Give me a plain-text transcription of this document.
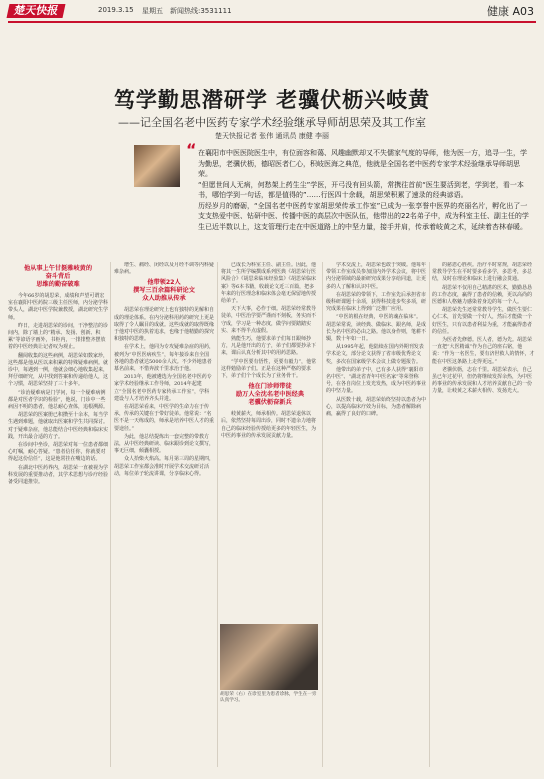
楚天快报	2019.3.15 星期五 新闻热线:3531111	健康 A03
笃学勤思潜研学 老骥伏枥兴岐黄
——记全国名老中医药专家学术经验继承导师胡思荣及其工作室
楚天快报记者 张伟 通讯员 康健 李丽
“ 在襄阳市中医医院医生中，有位面容和蔼、风趣幽默却又不失儒家气度的导师，他为医一方，追寻一生，学为勤思，老骥伏枥，德昭医者仁心，积岐医海之典范，他就是全国名老中医药专家学术经验继承导师胡思荣。

“但愿世间人无病，何愁架上药生尘”学医，开弓没有回头箭，常携往首前“医生要活到老，学到老，看一本书，哪怕学到一句话，都是值得的”……行医四十余载，胡思荣积累了速录的经典谚语。

历经岁月的磨砺，“全国名老中医药专家胡思荣传承工作室”已成为一张享誉中医界的亮丽名片，孵化出了一支支热爱中医、钻研中医、传播中医的高层次中医队伍，他带出的22名弟子中，成为科室主任、副主任的学生已近半数以上，这支管理行走在中医道路上的中坚力量，接手并肩，传承着岐黄之术，延续着杏林春暖。

他从事上午甘挺雅岐黄的
奋斗背后
思维的勤奋破难

今年66岁的胡思荣，成绩和声望可谓宏室在襄阳中医药院三级主任医师，内分泌学科带头人，湖北中医学院兼教授，湖北研究生学师。

昨日，走进胡思荣的诊间，干净整洁的诊间内，除了墙上的“精承、发扬、创新、积累”等谚语字画外，书柜内，一排排整齐摆放着的中医经典让记者叹为观止。

翻阅收集的这些病例，胡思荣如数家珍，这些都是他从医以来积累的特殊疑难病例。就诊中，每遇到一例，他就会细心地收集起来，拜仔细研究，从中找到答案和传递给他人，这个习惯，胡思荣坚持了三十多年。

“诊治疑难病是门学问，每一个疑难病例都是对医者学识的检验”，他说，门诊中一些病因不明的患者，他总耐心查体，追根溯源。

胡思荣的医案册已积攒至十余本，每当学生遇到难题，他就取出医案和学生共同探讨。对于疑难杂症，他总能结合中医经典和临床实践，开出最合适的方子。

在诊间中坐诊，胡思荣对每一位患者都细心叮嘱，耐心答疑。“患者信任你，你就要对得起这份信任”，这是他常挂在嘴边的话。

在湖北中医药界内，胡思荣一直被视为学科发展的重要推动者，其学术思想与诊疗经验备受同道推崇。

增生、痛经、闭经以及月经不调等内科疑难杂病。

他带领22人
撰写三百余篇科研论文
众人助推从传承

胡思荣在理论研究上也有独特的见解和自成的理论体系。在内分泌科用药的研究上更是取得了令人瞩目的成就。这些成就的取得既缘于他对中医的执着追求，也缘于他精勤的探究和独特的思维。

在学术上，他同为专攻疑难杂症的用药，被列为“中医医病疾生”，每年接诊来自全国各地的患者就达5000余人次。不少外地患者慕名前来，不惜奔波千里求治于他。

2013年，他被遴选为全国名老中医药专家学术经验继承工作导师，2014年起建立“全国名老中医药专家传承工作室”，学科建设与人才培养齐头并进。

在胡思荣看来，中医学的生命力在于传承，传承的关键在于带好徒弟。他常说：“名医不是一天练成的，师承是培养中医人才的重要途径。”

为此，他总结提炼出一套完整的带教方法，从中医经典研读、临床跟诊到论文撰写，事无巨细，倾囊相授。

众人拾柴火焰高。每月第三周的星期四，胡思荣工作室都会准时开展学术交流研讨活动，每位弟子轮流讲课，分享临床心得。

已成长为科室主任、副主任。因此，他将其一生所学编撰成系列医典《胡思荣行医风险合》《胡思荣临床经验集》《胡思荣临床案》等6本书籍，收载论文近三百篇，把多年来的行医理念和临床体会毫无保留地传授给弟子。

天下大事，必作于细。胡思荣经常教导徒弟，中医治学要严谨而不刻板，务实而不守成，学习是一种态度，做学问要踏踏实实、来不得半点虚假。

熟能生巧，他要求弟子们每日跟师抄方，凡是他开出的方子，弟子们都要抄录下来，课后认真分析其中的用药思路。

“学中医要有悟性，更要有毅力”，他常这样勉励弟子们。正是在这种严格的要求下，弟子们个个成长为了业务骨干。

他在门诊师带徒
励万人全沈名老中医经典
老骥伏枥奋新兵

岐黄薪火，师承相传。胡思荣退休以后，依然坚持每周出诊，同时不遗余力地将自己的临床经验传授给更多的年轻医生，为中医药事业的传承发展贡献力量。

胡思荣（右）在诊室里为患者诊脉，学生在一旁认真学习。

学术交流上，胡思荣也敢于突破。他每年带领工作室成员参加国内外学术会议，将中医内分泌领域的最新研究成果分享给同道，让更多的人了解和认识中医。

在胡思荣的带领下，工作室先后承担省市级科研课题十余项，获得科技进步奖多项，研究成果在临床上得到广泛推广应用。

“中医的根在经典，中医的魂在临床”。胡思荣常说，读经典、做临床、跟名师，是成长为名中医的必由之路。他以身作则，笔耕不辍，数十年如一日。

从1995年起，他陆续在国内外期刊发表学术论文，部分论文获得了省市级优秀论文奖，多次在国家级学术会议上做专题报告。

他带出的弟子中，已有多人获得“襄阳市名中医”、“湖北省青年中医名家”等荣誉称号，在各自岗位上发光发热，成为中医药事业的中坚力量。

从医数十载，胡思荣始终坚持以患者为中心，以提高临床疗效为目标，为患者解除病痛，赢得了良好的口碑。

的慈恩心胜疾。治疗平时常规，胡思荣经常教导学生在平时要多看多学，多思考，多总结，及时在理论和临床上进行融会贯通。

胡思荣不仅用自己精湛的医术，勤勤恳恳的工作态度，赢得了患者的信赖，更以高尚的医德和人格魅力感染着身边的每一个人。

胡思荣先生还常常教导学生，做医生要仁心仁术，首先要做一个好人，然后才能做一个好医生，只有以患者利益为重，才能赢得患者的信任。

为医者先修德。医人者，德为先。胡思荣一直把“大医精诚”作为自己的座右铭，他说：“作为一名医生，要有济世救人的情怀，才能在中医这条路上走得更远。”

老骥伏枥，志在千里。胡思荣表示，自己虽已年过花甲，但仍将继续发挥余热，为中医药事业的传承发展和人才培养贡献自己的一份力量，让岐黄之术薪火相传、发扬光大。
